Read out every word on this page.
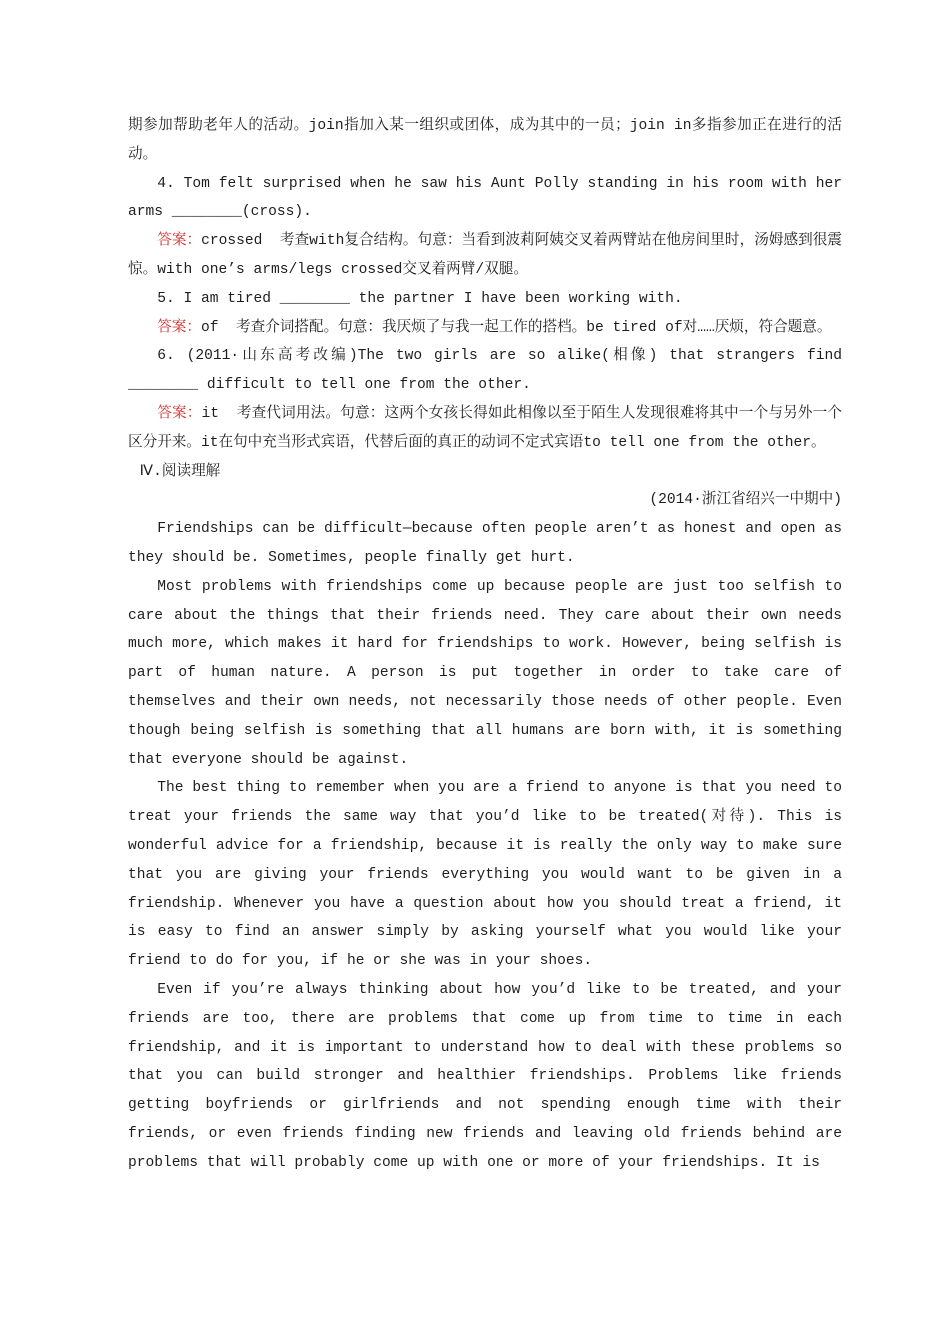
期参加帮助老年人的活动。join指加入某一组织或团体，成为其中的一员；join in多指参加正在进行的活动。

4. Tom felt surprised when he saw his Aunt Polly standing in his room with her arms ________(cross).

答案：crossed  考查with复合结构。句意：当看到波莉阿姨交叉着两臂站在他房间里时，汤姆感到很震惊。with one’s arms/legs crossed交叉着两臂/双腿。

5. I am tired ________ the partner I have been working with.

答案：of  考查介词搭配。句意：我厌烦了与我一起工作的搭档。be tired of对……厌烦，符合题意。

6. (2011·山东高考改编)The two girls are so alike(相像) that strangers find ________ difficult to tell one from the other.

答案：it  考查代词用法。句意：这两个女孩长得如此相像以至于陌生人发现很难将其中一个与另外一个区分开来。it在句中充当形式宾语，代替后面的真正的动词不定式宾语to tell one from the other。

Ⅳ.阅读理解

(2014·浙江省绍兴一中期中)

Friendships can be difficult—because often people aren’t as honest and open as they should be. Sometimes, people finally get hurt.

Most problems with friendships come up because people are just too selfish to care about the things that their friends need. They care about their own needs much more, which makes it hard for friendships to work. However, being selfish is part of human nature. A person is put together in order to take care of themselves and their own needs, not necessarily those needs of other people. Even though being selfish is something that all humans are born with, it is something that everyone should be against.

The best thing to remember when you are a friend to anyone is that you need to treat your friends the same way that you’d like to be treated(对待). This is wonderful advice for a friendship, because it is really the only way to make sure that you are giving your friends everything you would want to be given in a friendship. Whenever you have a question about how you should treat a friend, it is easy to find an answer simply by asking yourself what you would like your friend to do for you, if he or she was in your shoes.

Even if you’re always thinking about how you’d like to be treated, and your friends are too, there are problems that come up from time to time in each friendship, and it is important to understand how to deal with these problems so that you can build stronger and healthier friendships. Problems like friends getting boyfriends or girlfriends and not spending enough time with their friends, or even friends finding new friends and leaving old friends behind are problems that will probably come up with one or more of your friendships. It is
